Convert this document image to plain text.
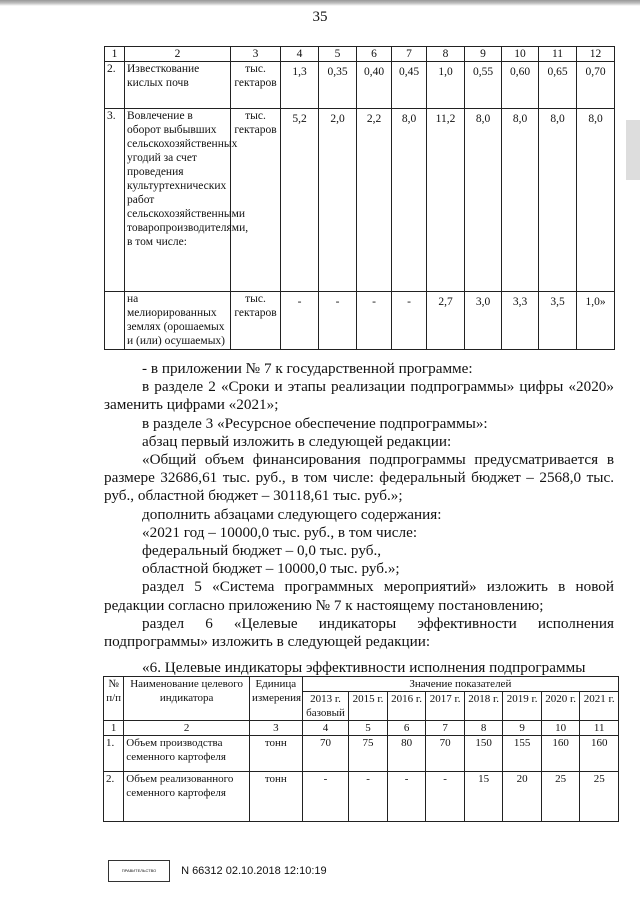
35
1	2	3	4	5	6	7	8	9	10	11	12
2.	Известкование кислых почв	тыс. гектаров	1,3	0,35	0,40	0,45	1,0	0,55	0,60	0,65	0,70
3.	Вовлечение в оборот выбывших сельскохозяйственных угодий за счет проведения культуртехнических работ сельскохозяйственными товаропроизводителями, в том числе:	тыс. гектаров	5,2	2,0	2,2	8,0	11,2	8,0	8,0	8,0	8,0
	на мелиорированных землях (орошаемых и (или) осушаемых)	тыс. гектаров	-	-	-	-	2,7	3,0	3,3	3,5	1,0»

- в приложении № 7 к государственной программе:

в разделе 2 «Сроки и этапы реализации подпрограммы» цифры «2020» заменить цифрами «2021»;

в разделе 3 «Ресурсное обеспечение подпрограммы»:

абзац первый изложить в следующей редакции:

«Общий объем финансирования подпрограммы предусматривается в размере 32686,61 тыс. руб., в том числе: федеральный бюджет – 2568,0 тыс. руб., областной бюджет – 30118,61 тыс. руб.»;

дополнить абзацами следующего содержания:

«2021 год – 10000,0 тыс. руб., в том числе:

федеральный бюджет – 0,0 тыс. руб.,

областной бюджет – 10000,0 тыс. руб.»;

раздел 5 «Система программных мероприятий» изложить в новой редакции согласно приложению № 7 к настоящему постановлению;

раздел 6 «Целевые индикаторы эффективности исполнения подпрограммы» изложить в следующей редакции:

«6. Целевые индикаторы эффективности исполнения подпрограммы

№ п/п	Наименование целевого индикатора	Единица измерения	Значение показателей							
			2013 г. базовый	2015 г.	2016 г.	2017 г.	2018 г.	2019 г.	2020 г.	2021 г.
1	2	3	4	5	6	7	8	9	10	11
1.	Объем производства семенного картофеля	тонн	70	75	80	70	150	155	160	160
2.	Объем реализованного семенного картофеля	тонн	-	-	-	-	15	20	25	25
ПРАВИТЕЛЬСТВО N 66312 02.10.2018 12:10:19
